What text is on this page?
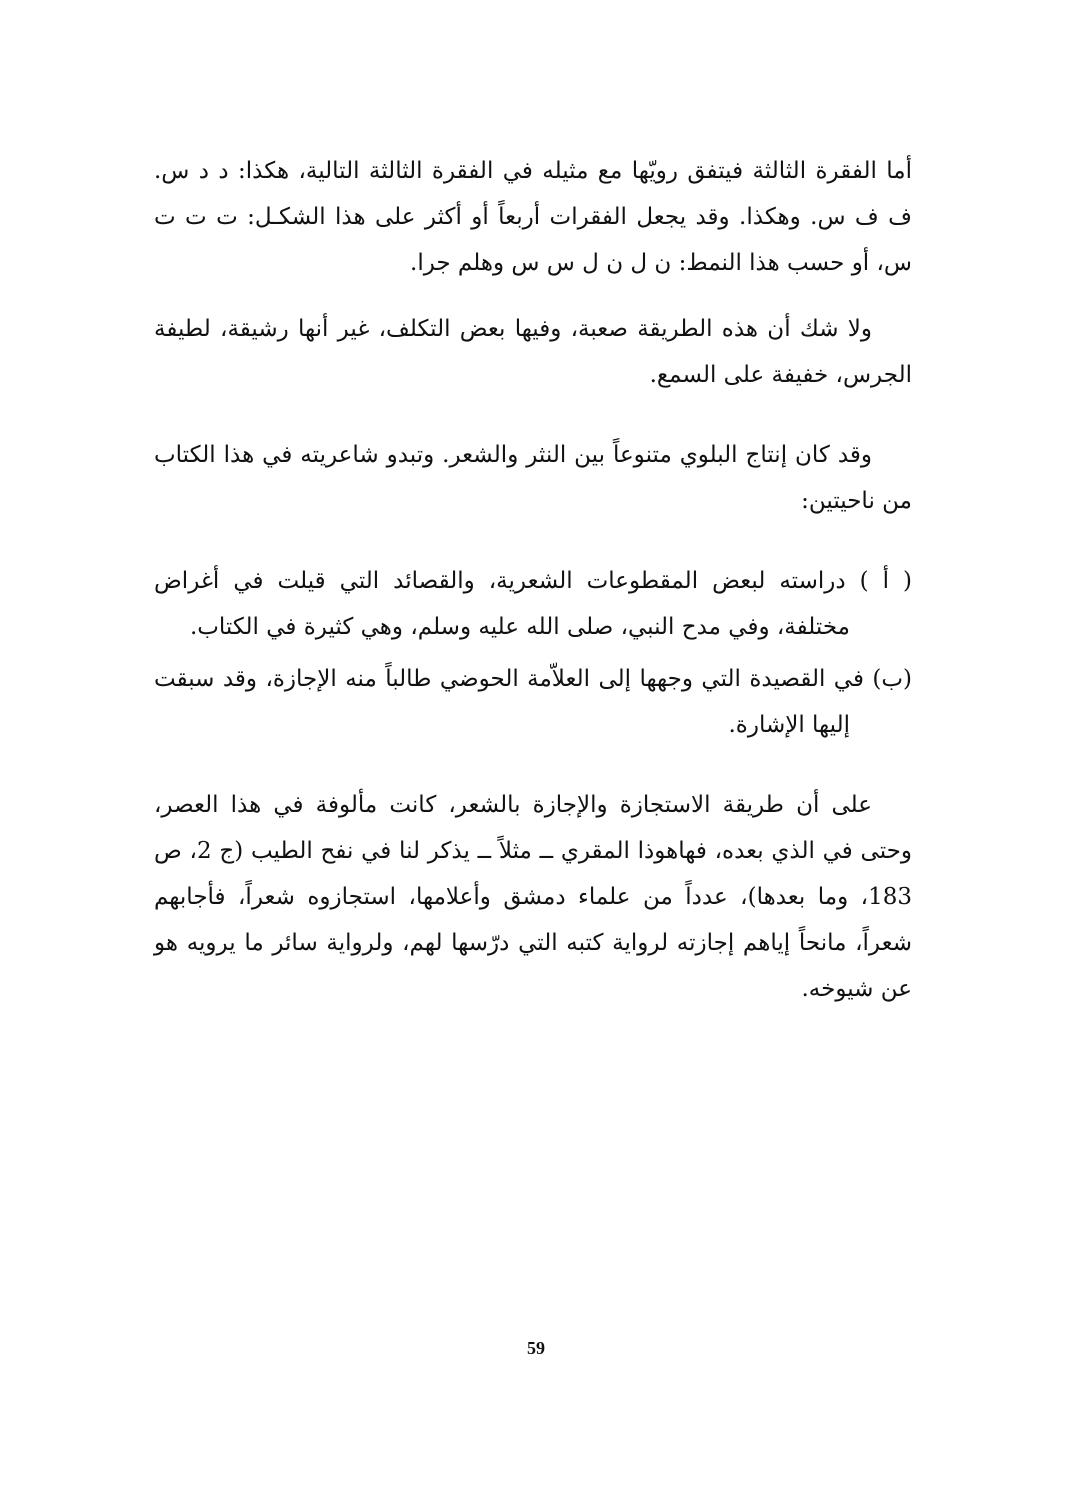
أما الفقرة الثالثة فيتفق رويّها مع مثيله في الفقرة الثالثة التالية، هكذا: د د س. ف ف س. وهكذا. وقد يجعل الفقرات أربعاً أو أكثر على هذا الشكـل: ت ت ت س، أو حسب هذا النمط: ن ل ن ل س س وهلم جرا.

ولا شك أن هذه الطريقة صعبة، وفيها بعض التكلف، غير أنها رشيقة، لطيفة الجرس، خفيفة على السمع.

وقد كان إنتاج البلوي متنوعاً بين النثر والشعر. وتبدو شاعريته في هذا الكتاب من ناحيتين:

( أ ) دراسته لبعض المقطوعات الشعرية، والقصائد التي قيلت في أغراض مختلفة، وفي مدح النبي، صلى الله عليه وسلم، وهي كثيرة في الكتاب.

(ب) في القصيدة التي وجهها إلى العلاّمة الحوضي طالباً منه الإجازة، وقد سبقت إليها الإشارة.

على أن طريقة الاستجازة والإجازة بالشعر، كانت مألوفة في هذا العصر، وحتى في الذي بعده، فهاهوذا المقري ــ مثلاً ــ يذكر لنا في نفح الطيب (ج 2، ص 183، وما بعدها)، عدداً من علماء دمشق وأعلامها، استجازوه شعراً، فأجابهم شعراً، مانحاً إياهم إجازته لرواية كتبه التي درّسها لهم، ولرواية سائر ما يرويه هو عن شيوخه.

59
